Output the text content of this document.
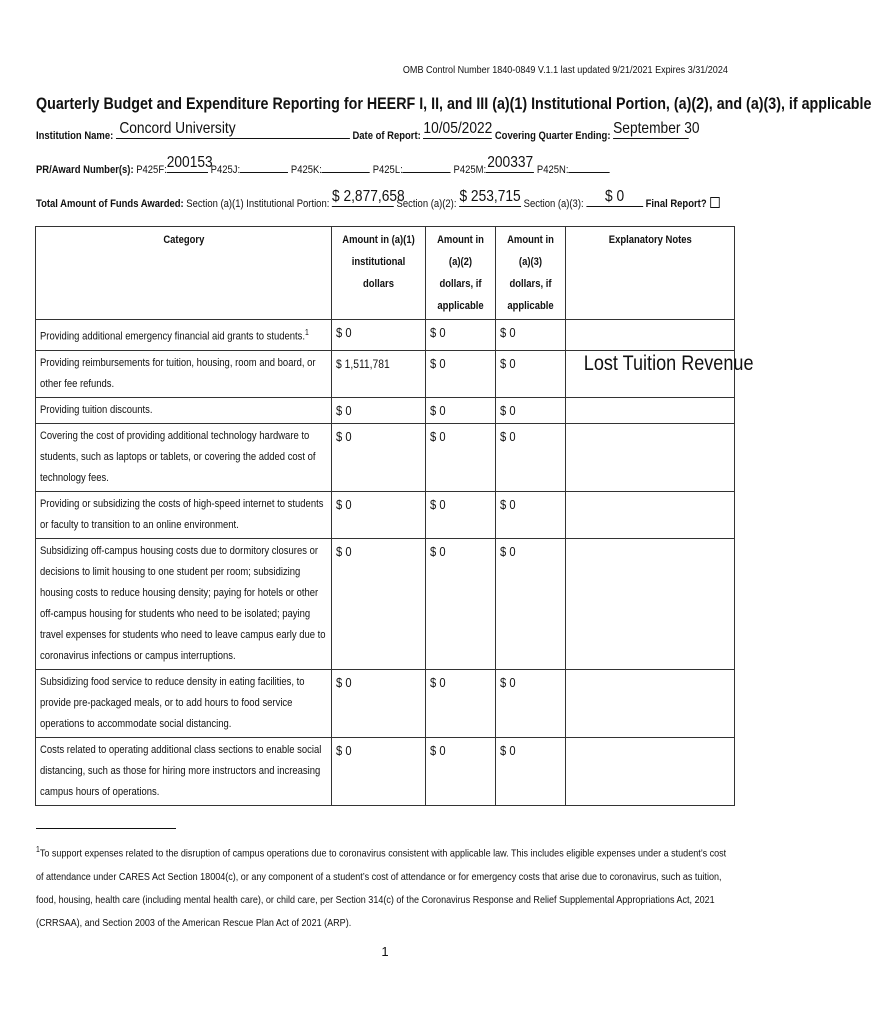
OMB Control Number 1840-0849 V.1.1 last updated 9/21/2021 Expires 3/31/2024
Quarterly Budget and Expenditure Reporting for HEERF I, II, and III (a)(1) Institutional Portion, (a)(2), and (a)(3), if applicable
Institution Name: Concord University	Date of Report: 10/05/2022 Covering Quarter Ending: September 30
PR/Award Number(s): P425F: 200153
P425J:	P425K:	P425L:	P425M: 200337 P425N:
Total Amount of Funds Awarded: Section (a)(1) Institutional Portion: $ 2,877,658
Section (a)(2): $ 253,715 Section (a)(3):	$ 0	Final Report?
Category	Amount in (a)(1) institutional dollars	Amount in (a)(2) dollars, if applicable	Amount in (a)(3) dollars, if applicable	Explanatory Notes
Providing additional emergency financial aid grants to students.$^1$	$ 0	$ 0	$ 0	
Providing reimbursements for tuition, housing, room and board, or other fee refunds.	$ 1,511,781	$ 0	$ 0	Lost Tuition Revenue
Providing tuition discounts.	$ 0	$ 0	$ 0	
Covering the cost of providing additional technology hardware to students, such as laptops or tablets, or covering the added cost of technology fees.	$ 0	$ 0	$ 0	
Providing or subsidizing the costs of high-speed internet to students or faculty to transition to an online environment.	$ 0	$ 0	$ 0	
Subsidizing off-campus housing costs due to dormitory closures or decisions to limit housing to one student per room; subsidizing housing costs to reduce housing density; paying for hotels or other off-campus housing for students who need to be isolated; paying travel expenses for students who need to leave campus early due to coronavirus infections or campus interruptions.	$ 0	$ 0	$ 0	
Subsidizing food service to reduce density in eating facilities, to provide pre-packaged meals, or to add hours to food service operations to accommodate social distancing.	$ 0	$ 0	$ 0	
Costs related to operating additional class sections to enable social distancing, such as those for hiring more instructors and increasing campus hours of operations.	$ 0	$ 0	$ 0	
$^1$To support expenses related to the disruption of campus operations due to coronavirus consistent with applicable law. This includes eligible expenses under a student’s cost of attendance under CARES Act Section 18004(c), or any component of a student’s cost of attendance or for emergency costs that arise due to coronavirus, such as tuition, food, housing, health care (including mental health care), or child care, per Section 314(c) of the Coronavirus Response and Relief Supplemental Appropriations Act, 2021 (CRRSAA), and Section 2003 of the American Rescue Plan Act of 2021 (ARP).
1
